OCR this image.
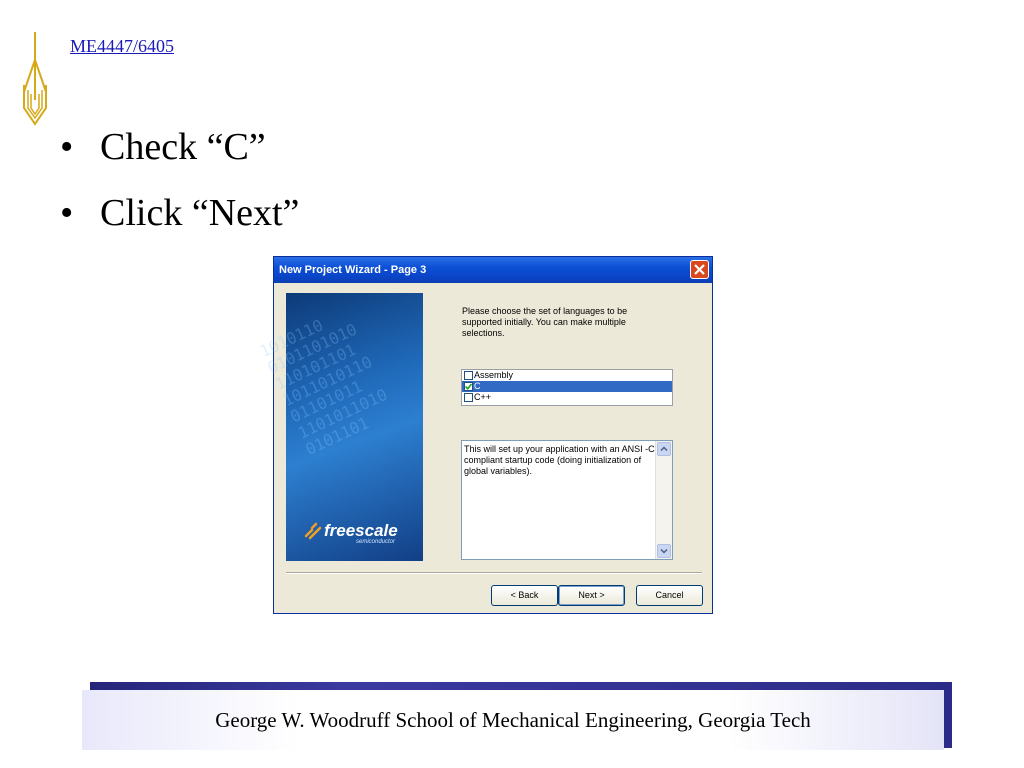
ME4447/6405
• Check “C”
• Click “Next”
New Project Wizard - Page 3
1010110
0101101010
110101101
1011010110
01101011
1101011010
0101101
freescale
semiconductor
Please choose the set of languages to be supported initially. You can make multiple selections.
Assembly
C
C++
This will set up your application with an ANSI -C compliant startup code (doing initialization of global variables).
< Back	Next >	Cancel
George W. Woodruff School of Mechanical Engineering, Georgia Tech
